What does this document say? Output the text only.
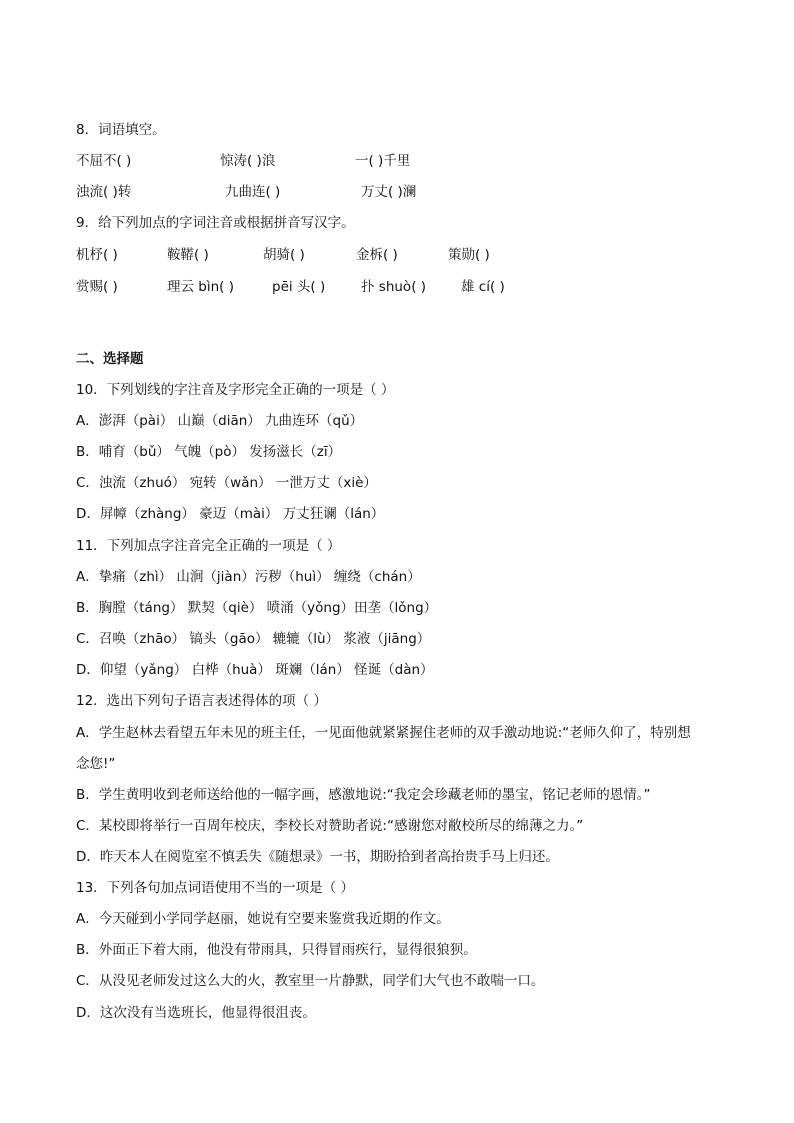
8．词语填空。
不屈不( )	惊涛( )浪	一( )千里
浊流( )转	九曲连( )	万丈( )澜
9．给下列加点的字词注音或根据拼音写汉字。
机杼( )	鞍鞯( )	胡骑( )	金柝( )	策勋( )
赏赐( )	理云 bìn( )	pēi 头( )	扑 shuò( )	雄 cí( )
二、选择题
10．下列划线的字注音及字形完全正确的一项是（ ）
A．澎湃（pài） 山巅（diān） 九曲连环（qǔ）
B．哺育（bǔ） 气魄（pò） 发扬滋长（zī）
C．浊流（zhuó） 宛转（wǎn） 一泄万丈（xiè）
D．屏幛（zhàng） 豪迈（mài） 万丈狂谰（lán）
11．下列加点字注音完全正确的一项是（ ）
A．挚痛（zhì） 山涧（jiàn）污秽（huì） 缠绕（chán）
B．胸膛（táng） 默契（qiè） 喷涌（yǒng）田垄（lǒng）
C．召唤（zhāo） 镐头（gāo） 辘辘（lù） 浆液（jiāng）
D．仰望（yǎng） 白桦（huà） 斑斓（lán） 怪诞（dàn）
12．选出下列句子语言表述得体的项（ ）
A．学生赵林去看望五年未见的班主任，一见面他就紧紧握住老师的双手激动地说:“老师久仰了，特别想
念您!”
B．学生黄明收到老师送给他的一幅字画，感激地说:“我定会珍藏老师的墨宝，铭记老师的恩情。”
C．某校即将举行一百周年校庆，李校长对赞助者说:“感谢您对敝校所尽的绵薄之力。”
D．昨天本人在阅览室不慎丢失《随想录》一书，期盼拾到者高抬贵手马上归还。
13．下列各句加点词语使用不当的一项是（ ）
A．今天碰到小学同学赵丽，她说有空要来鉴赏我近期的作文。
B．外面正下着大雨，他没有带雨具，只得冒雨疾行，显得很狼狈。
C．从没见老师发过这么大的火，教室里一片静默，同学们大气也不敢喘一口。
D．这次没有当选班长，他显得很沮丧。
